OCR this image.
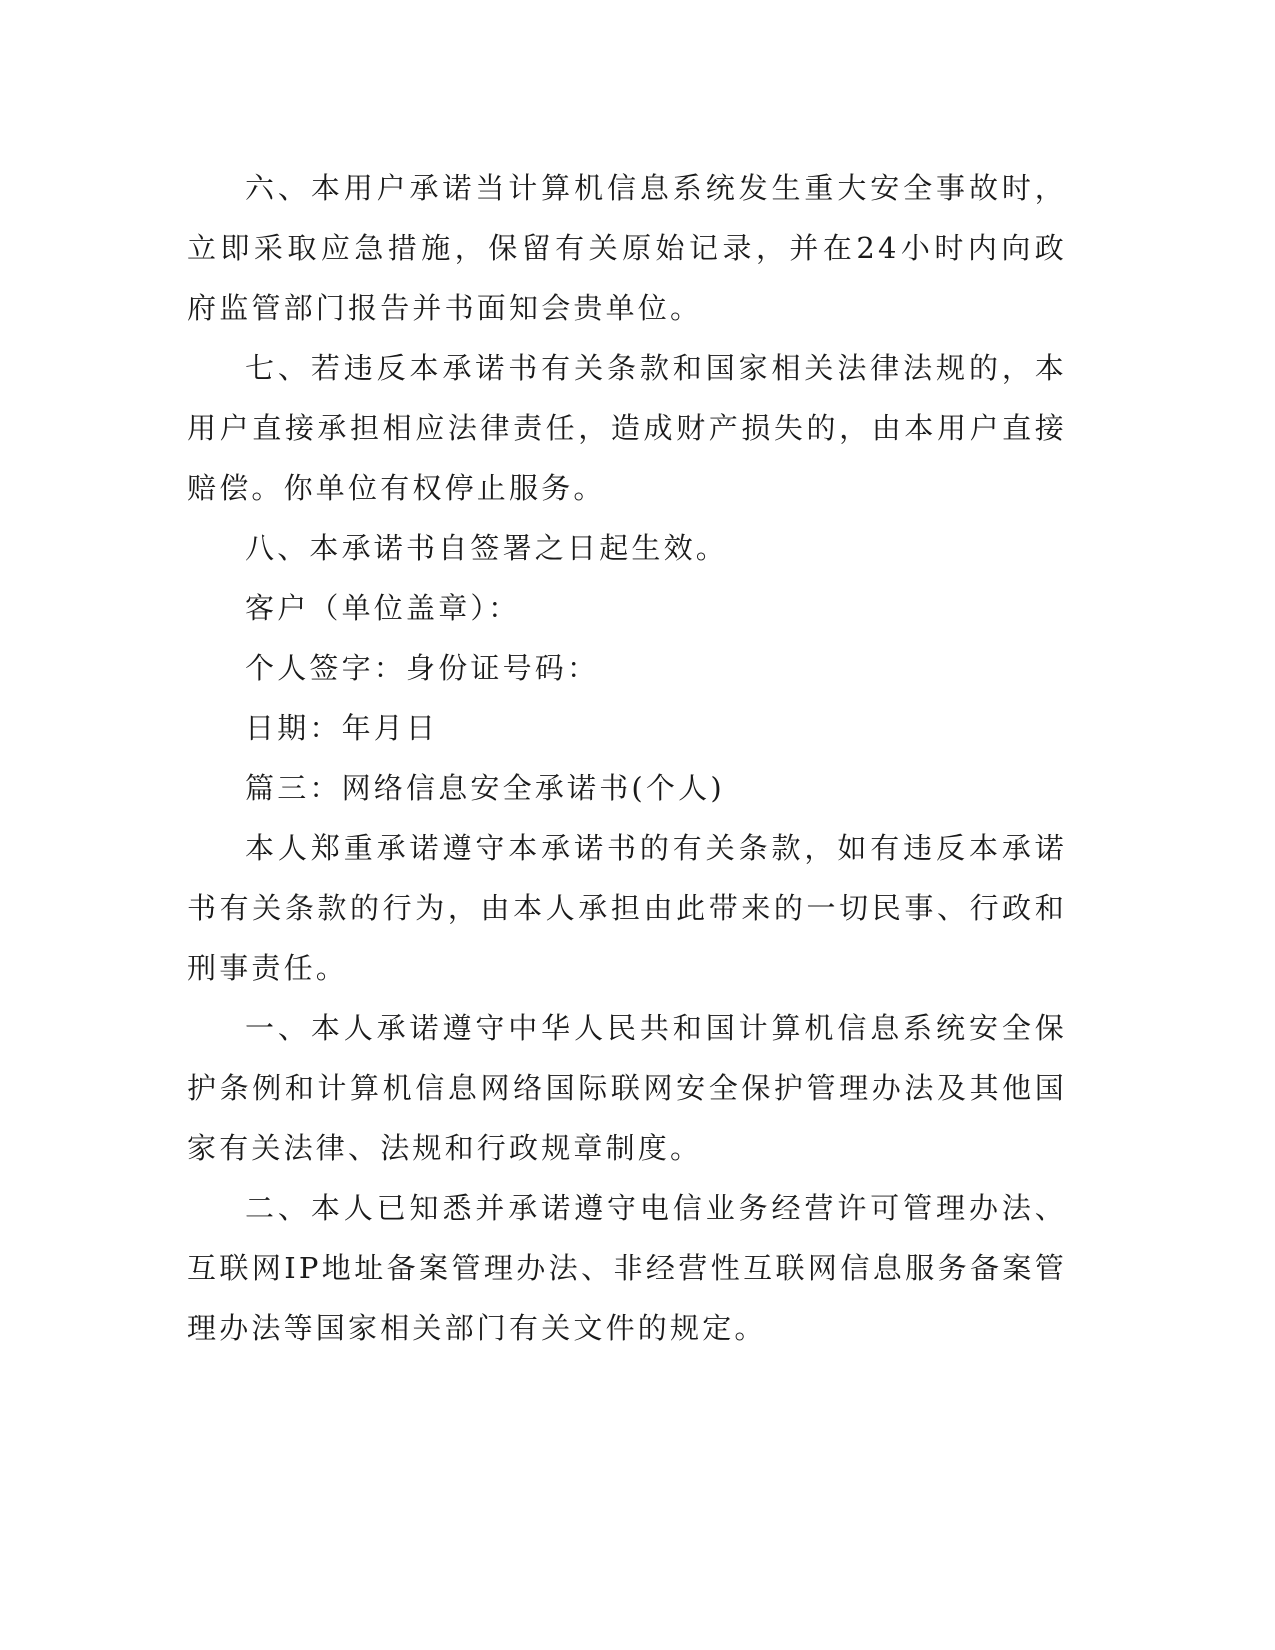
六、本用户承诺当计算机信息系统发生重大安全事故时，立即采取应急措施，保留有关原始记录，并在24小时内向政府监管部门报告并书面知会贵单位。

七、若违反本承诺书有关条款和国家相关法律法规的，本用户直接承担相应法律责任，造成财产损失的，由本用户直接赔偿。你单位有权停止服务。

八、本承诺书自签署之日起生效。

客户（单位盖章）：

个人签字：身份证号码：

日期：年月日

篇三：网络信息安全承诺书(个人)

本人郑重承诺遵守本承诺书的有关条款，如有违反本承诺书有关条款的行为，由本人承担由此带来的一切民事、行政和刑事责任。

一、本人承诺遵守中华人民共和国计算机信息系统安全保护条例和计算机信息网络国际联网安全保护管理办法及其他国家有关法律、法规和行政规章制度。

二、本人已知悉并承诺遵守电信业务经营许可管理办法、互联网IP地址备案管理办法、非经营性互联网信息服务备案管理办法等国家相关部门有关文件的规定。
